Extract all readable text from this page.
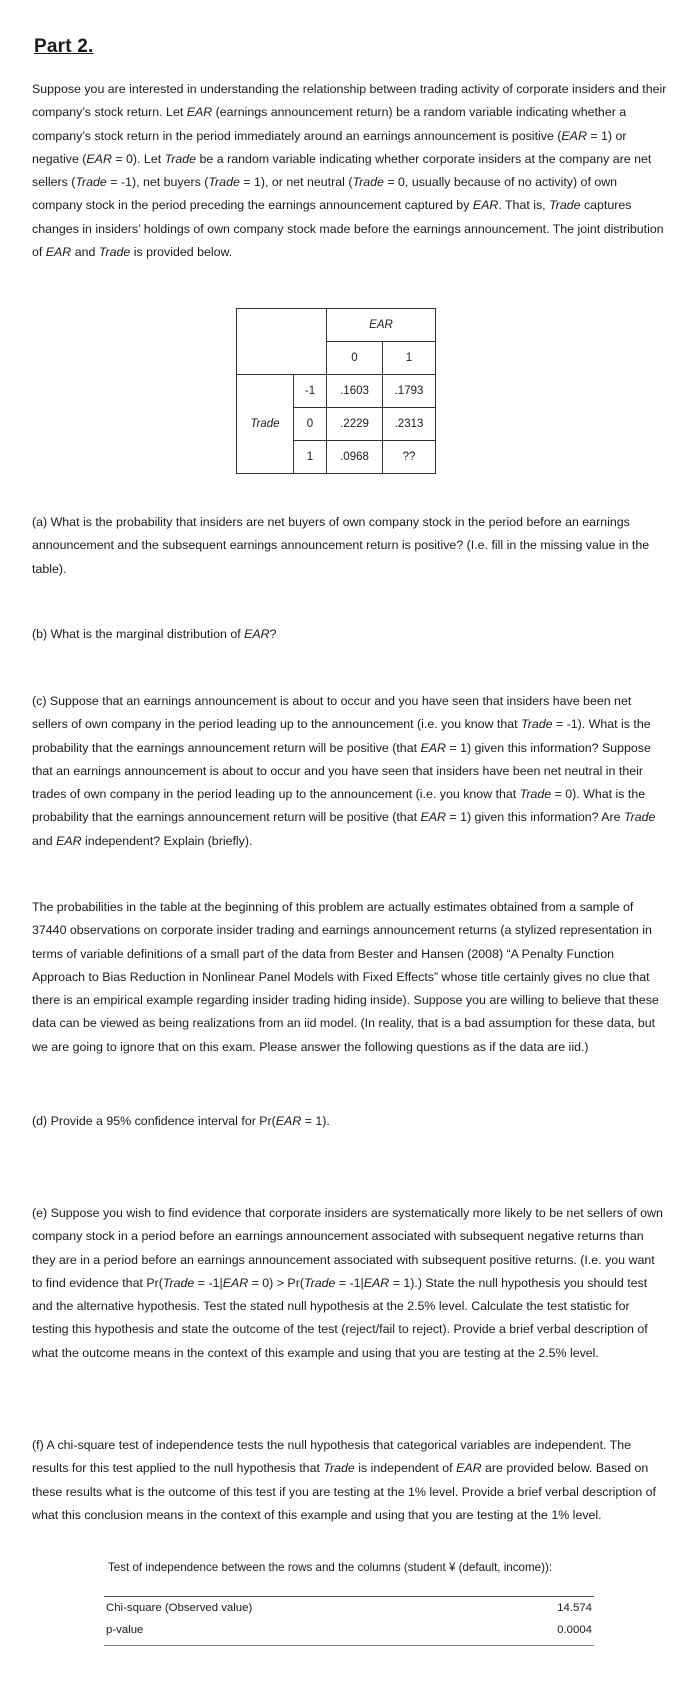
Part 2.

Suppose you are interested in understanding the relationship between trading activity of corporate insiders and their company’s stock return. Let EAR (earnings announcement return) be a random variable indicating whether a company’s stock return in the period immediately around an earnings announcement is positive (EAR = 1) or negative (EAR = 0). Let Trade be a random variable indicating whether corporate insiders at the company are net sellers (Trade = -1), net buyers (Trade = 1), or net neutral (Trade = 0, usually because of no activity) of own company stock in the period preceding the earnings announcement captured by EAR. That is, Trade captures changes in insiders’ holdings of own company stock made before the earnings announcement. The joint distribution of EAR and Trade is provided below.

		EAR	
		0	1
Trade	-1	.1603	.1793
	0	.2229	.2313
	1	.0968	??

(a) What is the probability that insiders are net buyers of own company stock in the period before an earnings announcement and the subsequent earnings announcement return is positive? (I.e. fill in the missing value in the table).

(b) What is the marginal distribution of EAR?

(c) Suppose that an earnings announcement is about to occur and you have seen that insiders have been net sellers of own company in the period leading up to the announcement (i.e. you know that Trade = -1). What is the probability that the earnings announcement return will be positive (that EAR = 1) given this information? Suppose that an earnings announcement is about to occur and you have seen that insiders have been net neutral in their trades of own company in the period leading up to the announcement (i.e. you know that Trade = 0). What is the probability that the earnings announcement return will be positive (that EAR = 1) given this information? Are Trade and EAR independent? Explain (briefly).

The probabilities in the table at the beginning of this problem are actually estimates obtained from a sample of 37440 observations on corporate insider trading and earnings announcement returns (a stylized representation in terms of variable definitions of a small part of the data from Bester and Hansen (2008) “A Penalty Function Approach to Bias Reduction in Nonlinear Panel Models with Fixed Effects” whose title certainly gives no clue that there is an empirical example regarding insider trading hiding inside). Suppose you are willing to believe that these data can be viewed as being realizations from an iid model. (In reality, that is a bad assumption for these data, but we are going to ignore that on this exam. Please answer the following questions as if the data are iid.)

(d) Provide a 95% confidence interval for Pr(EAR = 1).

(e) Suppose you wish to find evidence that corporate insiders are systematically more likely to be net sellers of own company stock in a period before an earnings announcement associated with subsequent negative returns than they are in a period before an earnings announcement associated with subsequent positive returns. (I.e. you want to find evidence that Pr(Trade = -1|EAR = 0) > Pr(Trade = -1|EAR = 1).) State the null hypothesis you should test and the alternative hypothesis. Test the stated null hypothesis at the 2.5% level. Calculate the test statistic for testing this hypothesis and state the outcome of the test (reject/fail to reject). Provide a brief verbal description of what the outcome means in the context of this example and using that you are testing at the 2.5% level.

(f) A chi-square test of independence tests the null hypothesis that categorical variables are independent. The results for this test applied to the null hypothesis that Trade is independent of EAR are provided below. Based on these results what is the outcome of this test if you are testing at the 1% level. Provide a brief verbal description of what this conclusion means in the context of this example and using that you are testing at the 1% level.

Test of independence between the rows and the columns (student ¥ (default, income)):
Chi-square (Observed value)	14.574
p-value	0.0004
